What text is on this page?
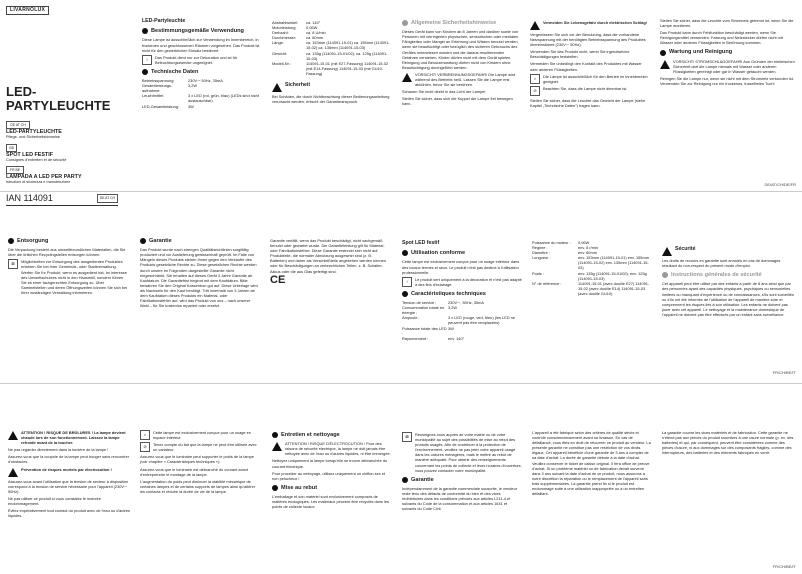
LIVARNOLUX
LED-PARTYLEUCHTE
DE AT CH
LED-PARTYLEUCHTE
Pflege- und Sicherheitshinweise
GB
SPOT LED FESTIF
Consignes d'entretien et de sécurité
FR BE
LAMPADA A LED PER PARTY
Istruzioni di sicurezza e manutenzione
IAN 114091	DE AT CH
LED-Partyleuchte
Bestimmungsgemäße Verwendung

Diese Lampe ist ausschließlich zur Verwendung im Innenbereich, in trockenen und geschlossenen Räumen vorgesehen. Das Produkt ist nicht für den gewerblichen Einsatz bestimmt.

!	Das Produkt dient nur zur Dekoration und ist für Beleuchtungszwecke ungeeignet.
Technische Daten
Betriebsspannung:	230V∼ 50Hz, 35mA
Gesamtleistungs-aufnahme:
3,2W
Leuchtmittel:	3 x LED (rot, grün, blau) (LEDs sind nicht austauschbar)
LED-Gesamtleistung:	3W
Abstrahlwinkel:	ca. 140°
Motorleistung:	0,06W
Drehzahl:	ca. 8 U/min
Durchmesser:	ca. 80mm
Länge:	ca. 153mm (114091-15-01) ca. 155mm (114091-15-02) ca. 135mm (114091-15-03)
Gewicht:	ca. 135g (114091-15-01/02), ca. 125g (114091-15-03)
Modell-Nr.:	114091-15-01 (mit E27-Fassung) 114091-15-02 (mit E14-Fassung) 114091-15-03 (mit GU10-Fassung)
Sicherheit

Bei Schäden, die durch Nichtbeachtung dieser Bedienungsanleitung verursacht werden, erlischt der Garantieanspruch.

Allgemeine Sicherheitshinweise

Dieses Gerät kann von Kindern ab 8 Jahren und darüber sowie von Personen mit verringerten physischen, sensorischen oder mentalen Fähigkeiten oder Mangel an Erfahrung und Wissen benutzt werden, wenn sie beaufsichtigt oder bezüglich des sicheren Gebrauchs des Gerätes unterwiesen wurden und die daraus resultierenden Gefahren verstehen. Kinder dürfen nicht mit dem Gerät spielen. Reinigung und Benutzerwartung dürfen nicht von Kindern ohne Beaufsichtigung durchgeführt werden.

VORSICHT! VERBRENNUNGSGEFAHR! Die Lampe wird während des Betriebs heiß. Lassen Sie die Lampe erst abkühlen, bevor Sie sie berühren.

Schauen Sie nicht direkt in das Licht der Lampe!

Stellen Sie sicher, dass sich die Kuppel der Lampe frei bewegen kann.

Vermeiden Sie Lebensgefahr durch elektrischen Schlag!

Vergewissern Sie sich vor der Benutzung, dass die vorhandene Netzspannung mit der benötigten Betriebsspannung des Produktes übereinstimmt (230V∼ 50Hz).

Verwenden Sie das Produkt nicht, wenn Sie irgendwelche Beschädigungen feststellen.

Vermeiden Sie unbedingt den Kontakt des Produktes mit Wasser oder anderen Flüssigkeiten.

⌂	Die Lampe ist ausschließlich für den Betrieb im Innenbereich geeignet.
⊘	Beachten Sie, dass die Lampe nicht dimmbar ist.

Stellen Sie sicher, dass die Leuchte das Gewicht der Lampe (siehe Kapitel „Technische Daten") tragen kann.

Stellen Sie sicher, dass die Leuchte vom Stromnetz getrennt ist, wenn Sie die Lampe montieren.

Das Produkt kann durch Fehlfunktion beschädigt werden, wenn Sie Reinigungsmittel verwenden. Fassung und Netzstecker dürfen nicht mit Wasser oder anderen Flüssigkeiten in Berührung kommen.

Wartung und Reinigung
VORSICHT! STROMSCHLAGGEFAHR! Aus Gründen der elektrischen Sicherheit darf die Lampe niemals mit Wasser oder anderen Flüssigkeiten gereinigt oder gar in Wasser getaucht werden.

Reinigen Sie die Lampe nur, wenn sie nicht mit dem Stromnetz verbunden ist. Verwenden Sie zur Reinigung nur ein trockenes, fusselfreies Tuch!

DE/AT/CH/DE/FR
Entsorgung

Die Verpackung besteht aus umweltfreundlichen Materialien, die Sie über die örtlichen Recyclingstellen entsorgen können.

⊠	Möglichkeiten zur Entsorgung des ausgedienten Produktes erfahren Sie bei Ihrer Gemeinde- oder Stadtverwaltung. Werfen Sie Ihr Produkt, wenn es ausgedient hat, im Interesse des Umweltschutzes nicht in den Hausmüll, sondern führen Sie es einer fachgerechten Entsorgung zu. Über Sammelstellen und deren Öffnungszeiten können Sie sich bei Ihrer zuständigen Verwaltung informieren.
Garantie

Das Produkt wurde nach strengen Qualitätsrichtlinien sorgfältig produziert und vor Auslieferung gewissenhaft geprüft. Im Falle von Mängeln dieses Produkts stehen Ihnen gegen den Verkäufer des Produkts gesetzliche Rechte zu. Diese gesetzlichen Rechte werden durch unsere im Folgenden dargestellte Garantie nicht eingeschränkt. Sie erhalten auf dieses Gerät 3 Jahre Garantie ab Kaufdatum. Die Garantiefrist beginnt mit dem Kaufdatum. Bitte bewahren Sie den Original Kassenbon gut auf. Diese Unterlage wird als Nachweis für den Kauf benötigt. Tritt innerhalb von 3 Jahren ab dem Kaufdatum dieses Produkts ein Material- oder Fabrikationsfehler auf, wird das Produkt von uns – nach unserer Wahl – für Sie kostenlos repariert oder ersetzt.

Garantie verfällt, wenn das Produkt beschädigt, nicht sachgemäß benutzt oder gewartet wurde. Die Garantieleistung gilt für Material- oder Fabrikationsfehler. Diese Garantie erstreckt sich nicht auf Produktteile, die normaler Abnutzung ausgesetzt sind (z. B. Batterien) und daher als Verschleißteile angesehen werden können oder für Beschädigungen an zerbrechlichen Teilen, z. B. Schalter, Akkus oder die aus Glas gefertigt sind.

CE
Spot LED festif
Utilisation conforme

Cette lampe est exclusivement conçue pour un usage intérieur dans des locaux fermés et secs. Le produit n'est pas destiné à l'utilisation professionnelle.

!	Le produit sert uniquement à la décoration et n'est pas adapté à des fins d'éclairage.
Caractéristiques techniques
Tension de service :	230V∼, 50Hz, 35mA
Consommation totale en énergie :
3,2W
Ampoule :	3 x LED (rouge, vert, bleu) (les LED ne peuvent pas être remplacées)
Puissance totale des LED :
3W
Rayonnement :	env. 140°
Puissance du moteur :	0,06W
Régime :	env. 8 r/min
Diamètre :	env. 80mm
Longueur :	env. 153mm (114091-15-01) env. 155mm (114091-15-02) env. 135mm (114091-15-03)
Poids :	env. 135g (114091-15-01/02), env. 125g (114091-15-03)
N° de référence :	114091-15-01 (avec douille E27) 114091-15-02 (avec douille E14) 114091-15-03 (avec douille GU10)
Sécurité

Les droits de recours en garantie sont annulés en cas de dommages résultant du non-respect du présent mode d'emploi.

Instructions générales de sécurité

Cet appareil peut être utilisé par des enfants à partir de 8 ans ainsi que par des personnes ayant des capacités physiques, psychiques ou sensorielles limitées ou manquant d'expérience ou de connaissances, s'ils sont surveillés ou s'ils ont été informés de l'utilisation de l'appareil de manière sûre et comprennent les risques liés à son utilisation. Les enfants ne doivent pas jouer avec cet appareil. Le nettoyage et la maintenance domestique de l'appareil ne doivent pas être effectués par un enfant sans surveillance.

FR/CH/BE/IT
ATTENTION ! RISQUE DE BRÛLURES ! La lampe devient chaude lors de son fonctionnement. Laissez la lampe refroidir avant de la toucher.

Ne pas regarder directement dans la lumière de la lampe !

Assurez-vous que la coupole de la lampe peut bouger sans rencontrer d'obstacles.

Prévention de risques mortels par électrocution !

Assurez-vous avant l'utilisation que la tension de secteur à disposition correspond à la tension de service nécessaire pour l'appareil (230V∼ 50Hz).

Ne pas utiliser ce produit si vous constatez le moindre endommagement.

Évitez impérativement tout contact du produit avec de l'eau ou d'autres liquides.

⌂	Cette lampe est exclusivement conçue pour un usage en espace intérieur.
⊘	Tenez compte du fait que la lampe ne peut être utilisée avec un variateur.

Assurez-vous que le luminaire peut supporter le poids de la lampe (voir chapitre « Caractéristiques techniques »).

Assurez-vous que le luminaire est débranché du courant avant d'entreprendre le montage de la lampe.

L'augmentation du poids peut diminuer la stabilité mécanique de certaines lampes et de certains supports de lampes ainsi qu'altérer les contacts et réduire la durée de vie de la lampe.

Entretien et nettoyage
ATTENTION ! RISQUE D'ÉLECTROCUTION ! Pour des raisons de sécurité électrique, la lampe ne doit jamais être nettoyée avec de l'eau ou d'autres liquides, ni être immergée.

Nettoyez uniquement la lampe lorsqu'elle se trouve débranchée du courant électrique.

Pour procéder au nettoyage, utilisez uniquement un chiffon sec et non pelucheux !

Mise au rebut

L'emballage et son matériel sont exclusivement composés de matières écologiques. Les matériaux peuvent être recyclés dans les points de collecte locaux.

⊠	Renseignez-vous auprès de votre mairie ou de votre municipalité au sujet des possibilités de mise au rebut des produits usagés. Afin de contribuer à la protection de l'environnement, veuillez ne pas jeter votre appareil usagé dans les ordures ménagères, mais le mettre au rebut de manière adéquate. Pour obtenir des renseignements concernant les points de collecte et leurs horaires d'ouverture, vous pouvez contacter votre municipalité.
Garantie

Indépendamment de la garantie commerciale souscrite, le vendeur reste tenu des défauts de conformité du bien et des vices rédhibitoires dans les conditions prévues aux articles L211-4 et suivants du Code de la consommation et aux articles 1641 et suivants du Code Civil.

L'appareil a été fabriqué selon des critères de qualité stricts et contrôlé consciencieusement avant sa livraison. En cas de défaillance, vous êtes en droit de retourner ce produit au vendeur. La présente garantie ne constitue pas une restriction de vos droits légaux. Cet appareil bénéficie d'une garantie de 3 ans à compter de sa date d'achat. La durée de garantie débute à la date d'achat. Veuillez conserver le ticket de caisse original. Il fera office de preuve d'achat. Si un problème matériel ou de fabrication devait survenir dans 3 ans suivant la date d'achat de ce produit, nous assurons à notre discrétion la réparation ou le remplacement de l'appareil sans frais supplémentaires. La garantie prend fin si le produit est endommagé suite à une utilisation inappropriée ou à un entretien défaillant.

La garantie couvre les vices matériels et de fabrication. Cette garantie ne s'étend pas aux pièces du produit soumises à une usure normale (p. ex. des batteries) et qui, par conséquent, peuvent être considérées comme des pièces d'usure, ni aux dommages sur des composants fragiles, comme des interrupteurs, des batteries et des éléments fabriqués en verre.

FR/CH/BE/IT
